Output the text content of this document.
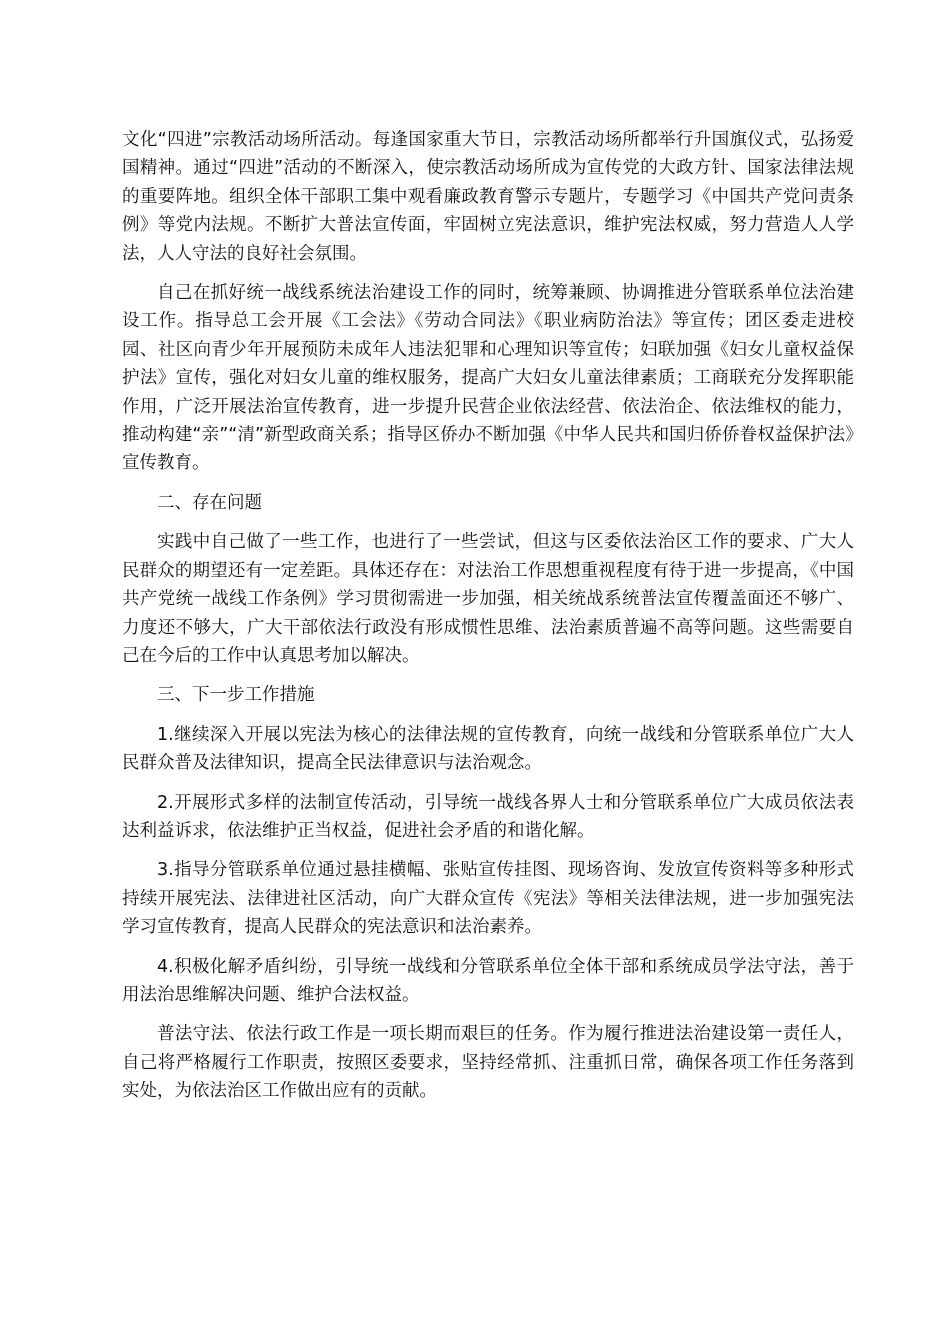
文化“四进”宗教活动场所活动。每逢国家重大节日，宗教活动场所都举行升国旗仪式，弘扬爱国精神。通过“四进”活动的不断深入，使宗教活动场所成为宣传党的大政方针、国家法律法规的重要阵地。组织全体干部职工集中观看廉政教育警示专题片，专题学习《中国共产党问责条例》等党内法规。不断扩大普法宣传面，牢固树立宪法意识，维护宪法权威，努力营造人人学法，人人守法的良好社会氛围。

自己在抓好统一战线系统法治建设工作的同时，统筹兼顾、协调推进分管联系单位法治建设工作。指导总工会开展《工会法》《劳动合同法》《职业病防治法》等宣传；团区委走进校园、社区向青少年开展预防未成年人违法犯罪和心理知识等宣传；妇联加强《妇女儿童权益保护法》宣传，强化对妇女儿童的维权服务，提高广大妇女儿童法律素质；工商联充分发挥职能作用，广泛开展法治宣传教育，进一步提升民营企业依法经营、依法治企、依法维权的能力，推动构建“亲”“清”新型政商关系；指导区侨办不断加强《中华人民共和国归侨侨眷权益保护法》宣传教育。

二、存在问题

实践中自己做了一些工作，也进行了一些尝试，但这与区委依法治区工作的要求、广大人民群众的期望还有一定差距。具体还存在：对法治工作思想重视程度有待于进一步提高，《中国共产党统一战线工作条例》学习贯彻需进一步加强，相关统战系统普法宣传覆盖面还不够广、力度还不够大，广大干部依法行政没有形成惯性思维、法治素质普遍不高等问题。这些需要自己在今后的工作中认真思考加以解决。

三、下一步工作措施

1.继续深入开展以宪法为核心的法律法规的宣传教育，向统一战线和分管联系单位广大人民群众普及法律知识，提高全民法律意识与法治观念。

2.开展形式多样的法制宣传活动，引导统一战线各界人士和分管联系单位广大成员依法表达利益诉求，依法维护正当权益，促进社会矛盾的和谐化解。

3.指导分管联系单位通过悬挂横幅、张贴宣传挂图、现场咨询、发放宣传资料等多种形式持续开展宪法、法律进社区活动，向广大群众宣传《宪法》等相关法律法规，进一步加强宪法学习宣传教育，提高人民群众的宪法意识和法治素养。

4.积极化解矛盾纠纷，引导统一战线和分管联系单位全体干部和系统成员学法守法，善于用法治思维解决问题、维护合法权益。

普法守法、依法行政工作是一项长期而艰巨的任务。作为履行推进法治建设第一责任人，自己将严格履行工作职责，按照区委要求，坚持经常抓、注重抓日常，确保各项工作任务落到实处，为依法治区工作做出应有的贡献。
